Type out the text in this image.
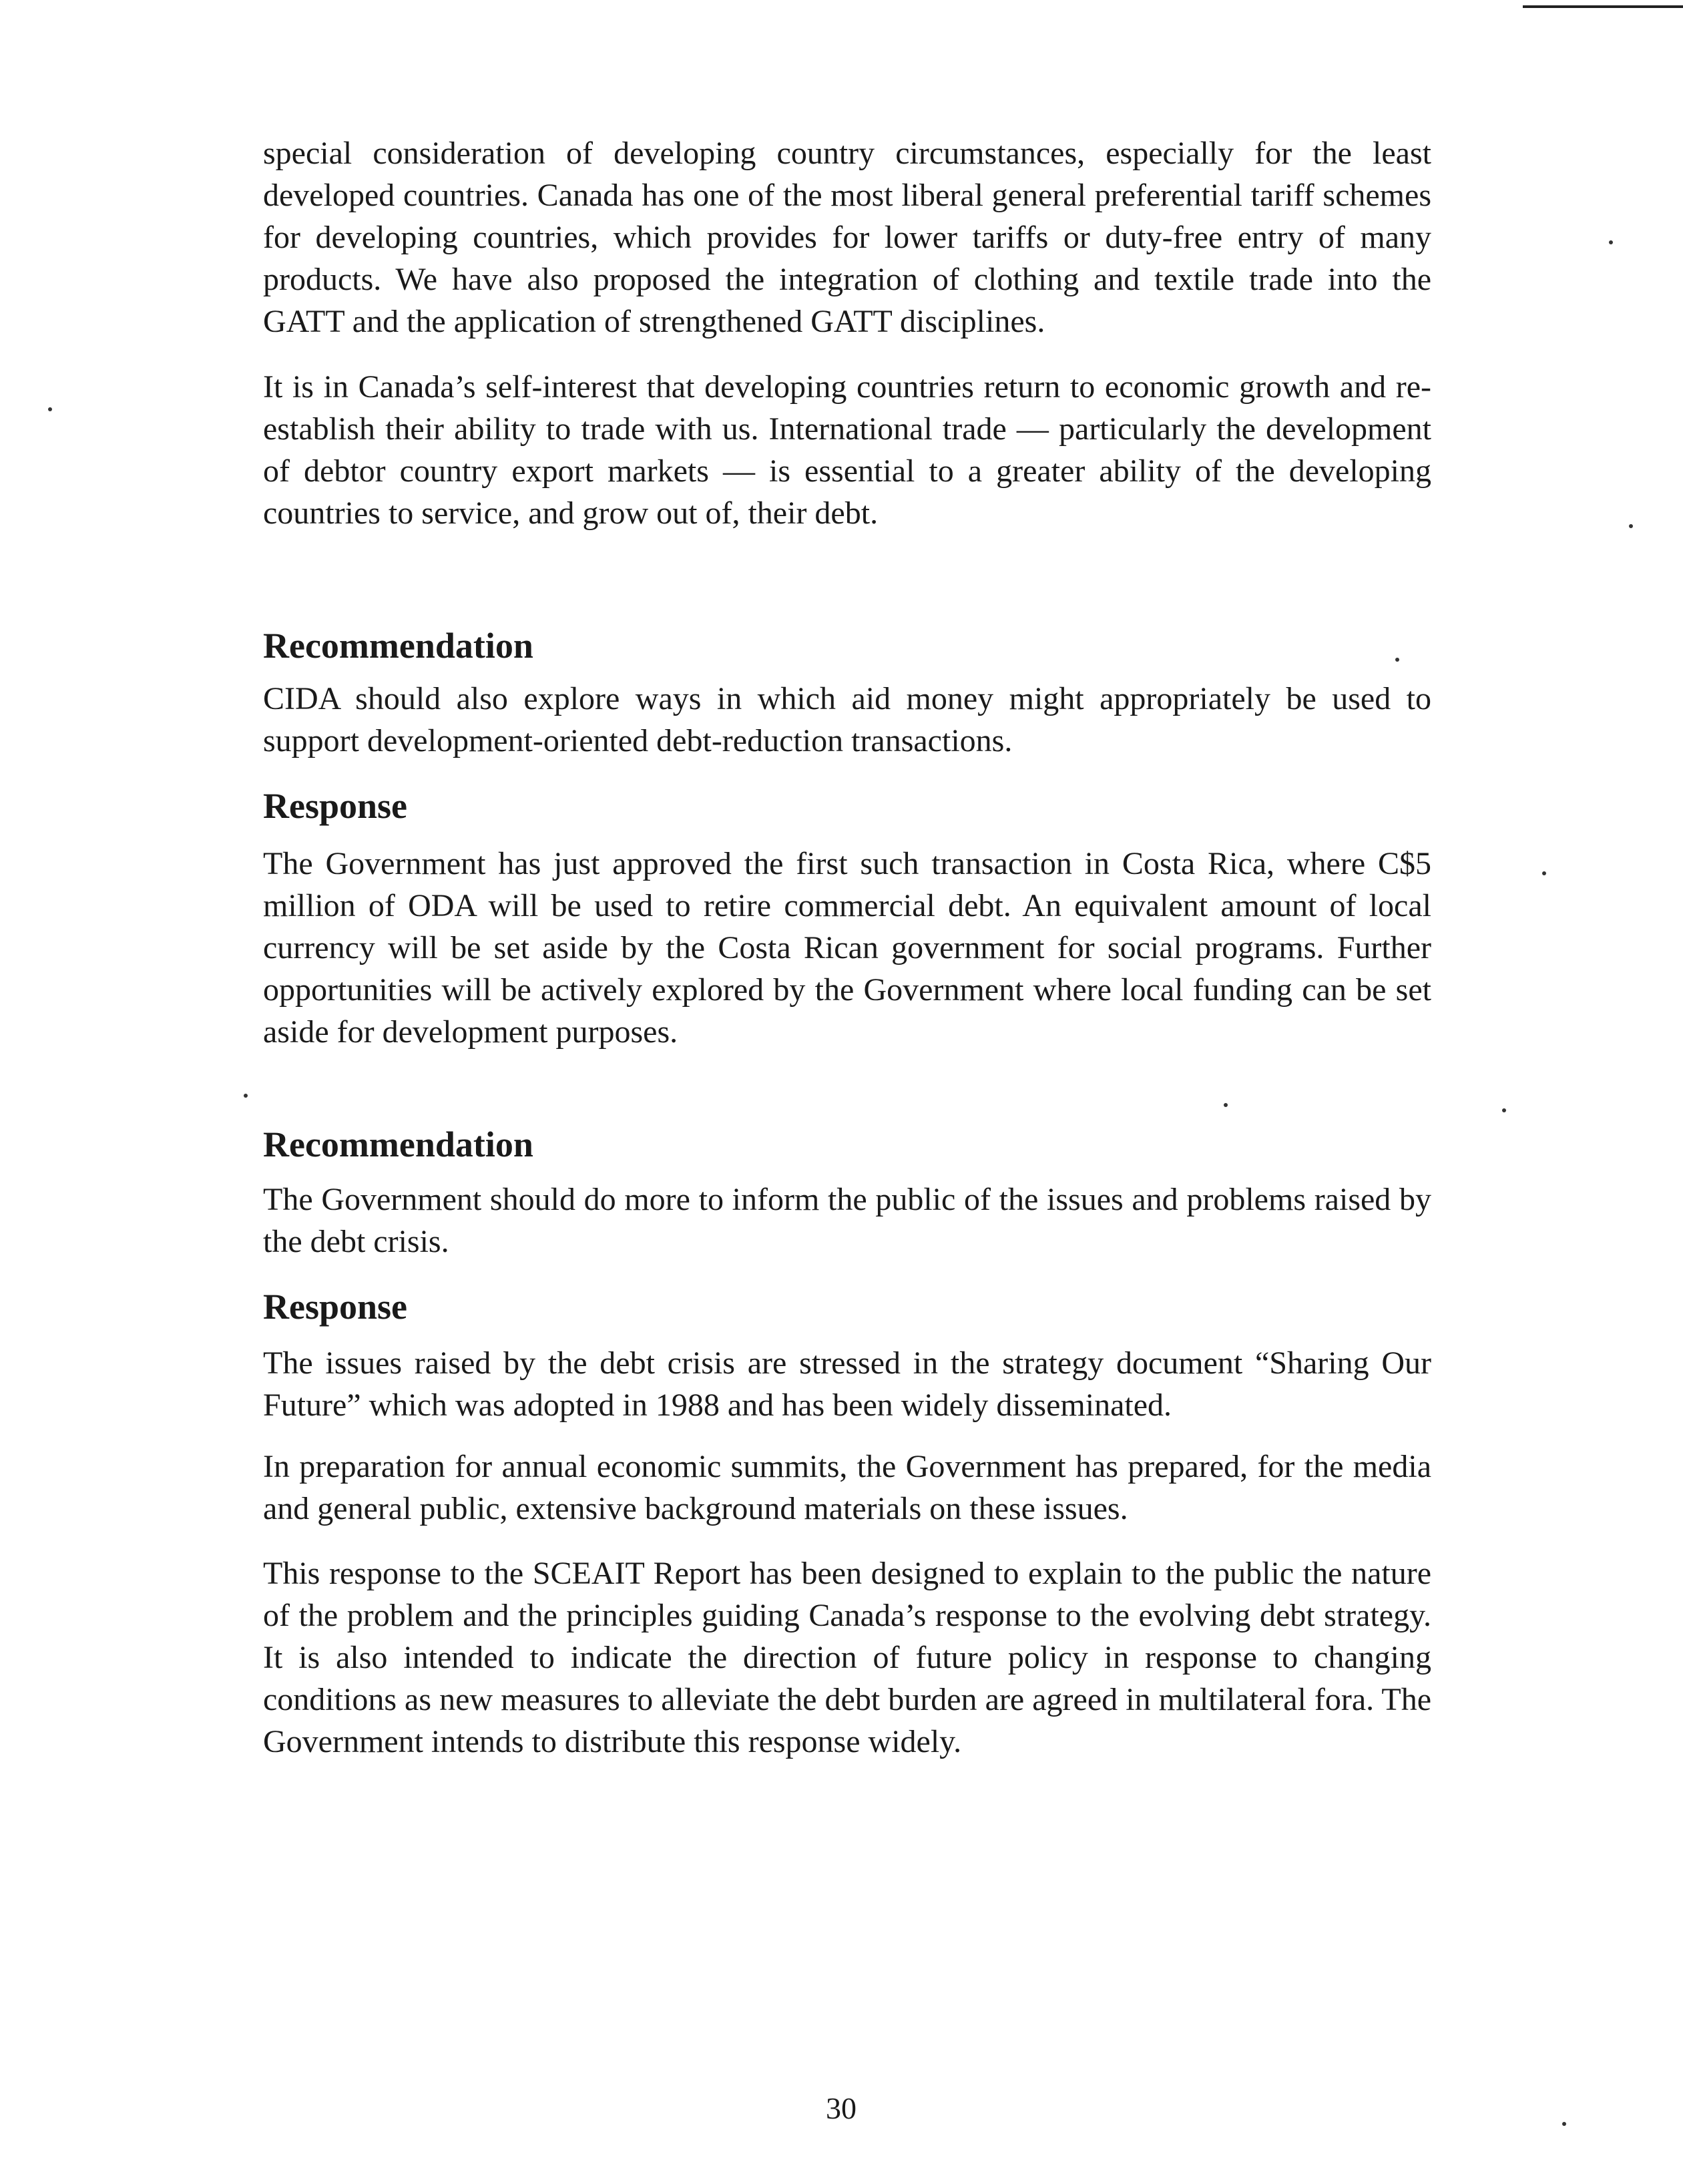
special consideration of developing country circumstances, especially for the least developed countries. Canada has one of the most liberal general preferential tariff schemes for developing countries, which provides for lower tariffs or duty-free entry of many products. We have also proposed the integration of clothing and textile trade into the GATT and the application of strengthened GATT disciplines.

It is in Canada’s self-interest that developing countries return to economic growth and re-establish their ability to trade with us. International trade — particularly the development of debtor country export markets — is essential to a greater ability of the developing countries to service, and grow out of, their debt.

Recommendation

CIDA should also explore ways in which aid money might appropriately be used to support development-oriented debt-reduction transactions.

Response

The Government has just approved the first such transaction in Costa Rica, where C$5 million of ODA will be used to retire commercial debt. An equivalent amount of local currency will be set aside by the Costa Rican government for social programs. Further opportunities will be actively explored by the Government where local funding can be set aside for development purposes.

Recommendation

The Government should do more to inform the public of the issues and problems raised by the debt crisis.

Response

The issues raised by the debt crisis are stressed in the strategy document “Sharing Our Future” which was adopted in 1988 and has been widely disseminated.

In preparation for annual economic summits, the Government has prepared, for the media and general public, extensive background materials on these issues.

This response to the SCEAIT Report has been designed to explain to the public the nature of the problem and the principles guiding Canada’s response to the evolving debt strategy. It is also intended to indicate the direction of future policy in response to changing conditions as new measures to alleviate the debt burden are agreed in multilateral fora. The Government intends to distribute this response widely.

30
